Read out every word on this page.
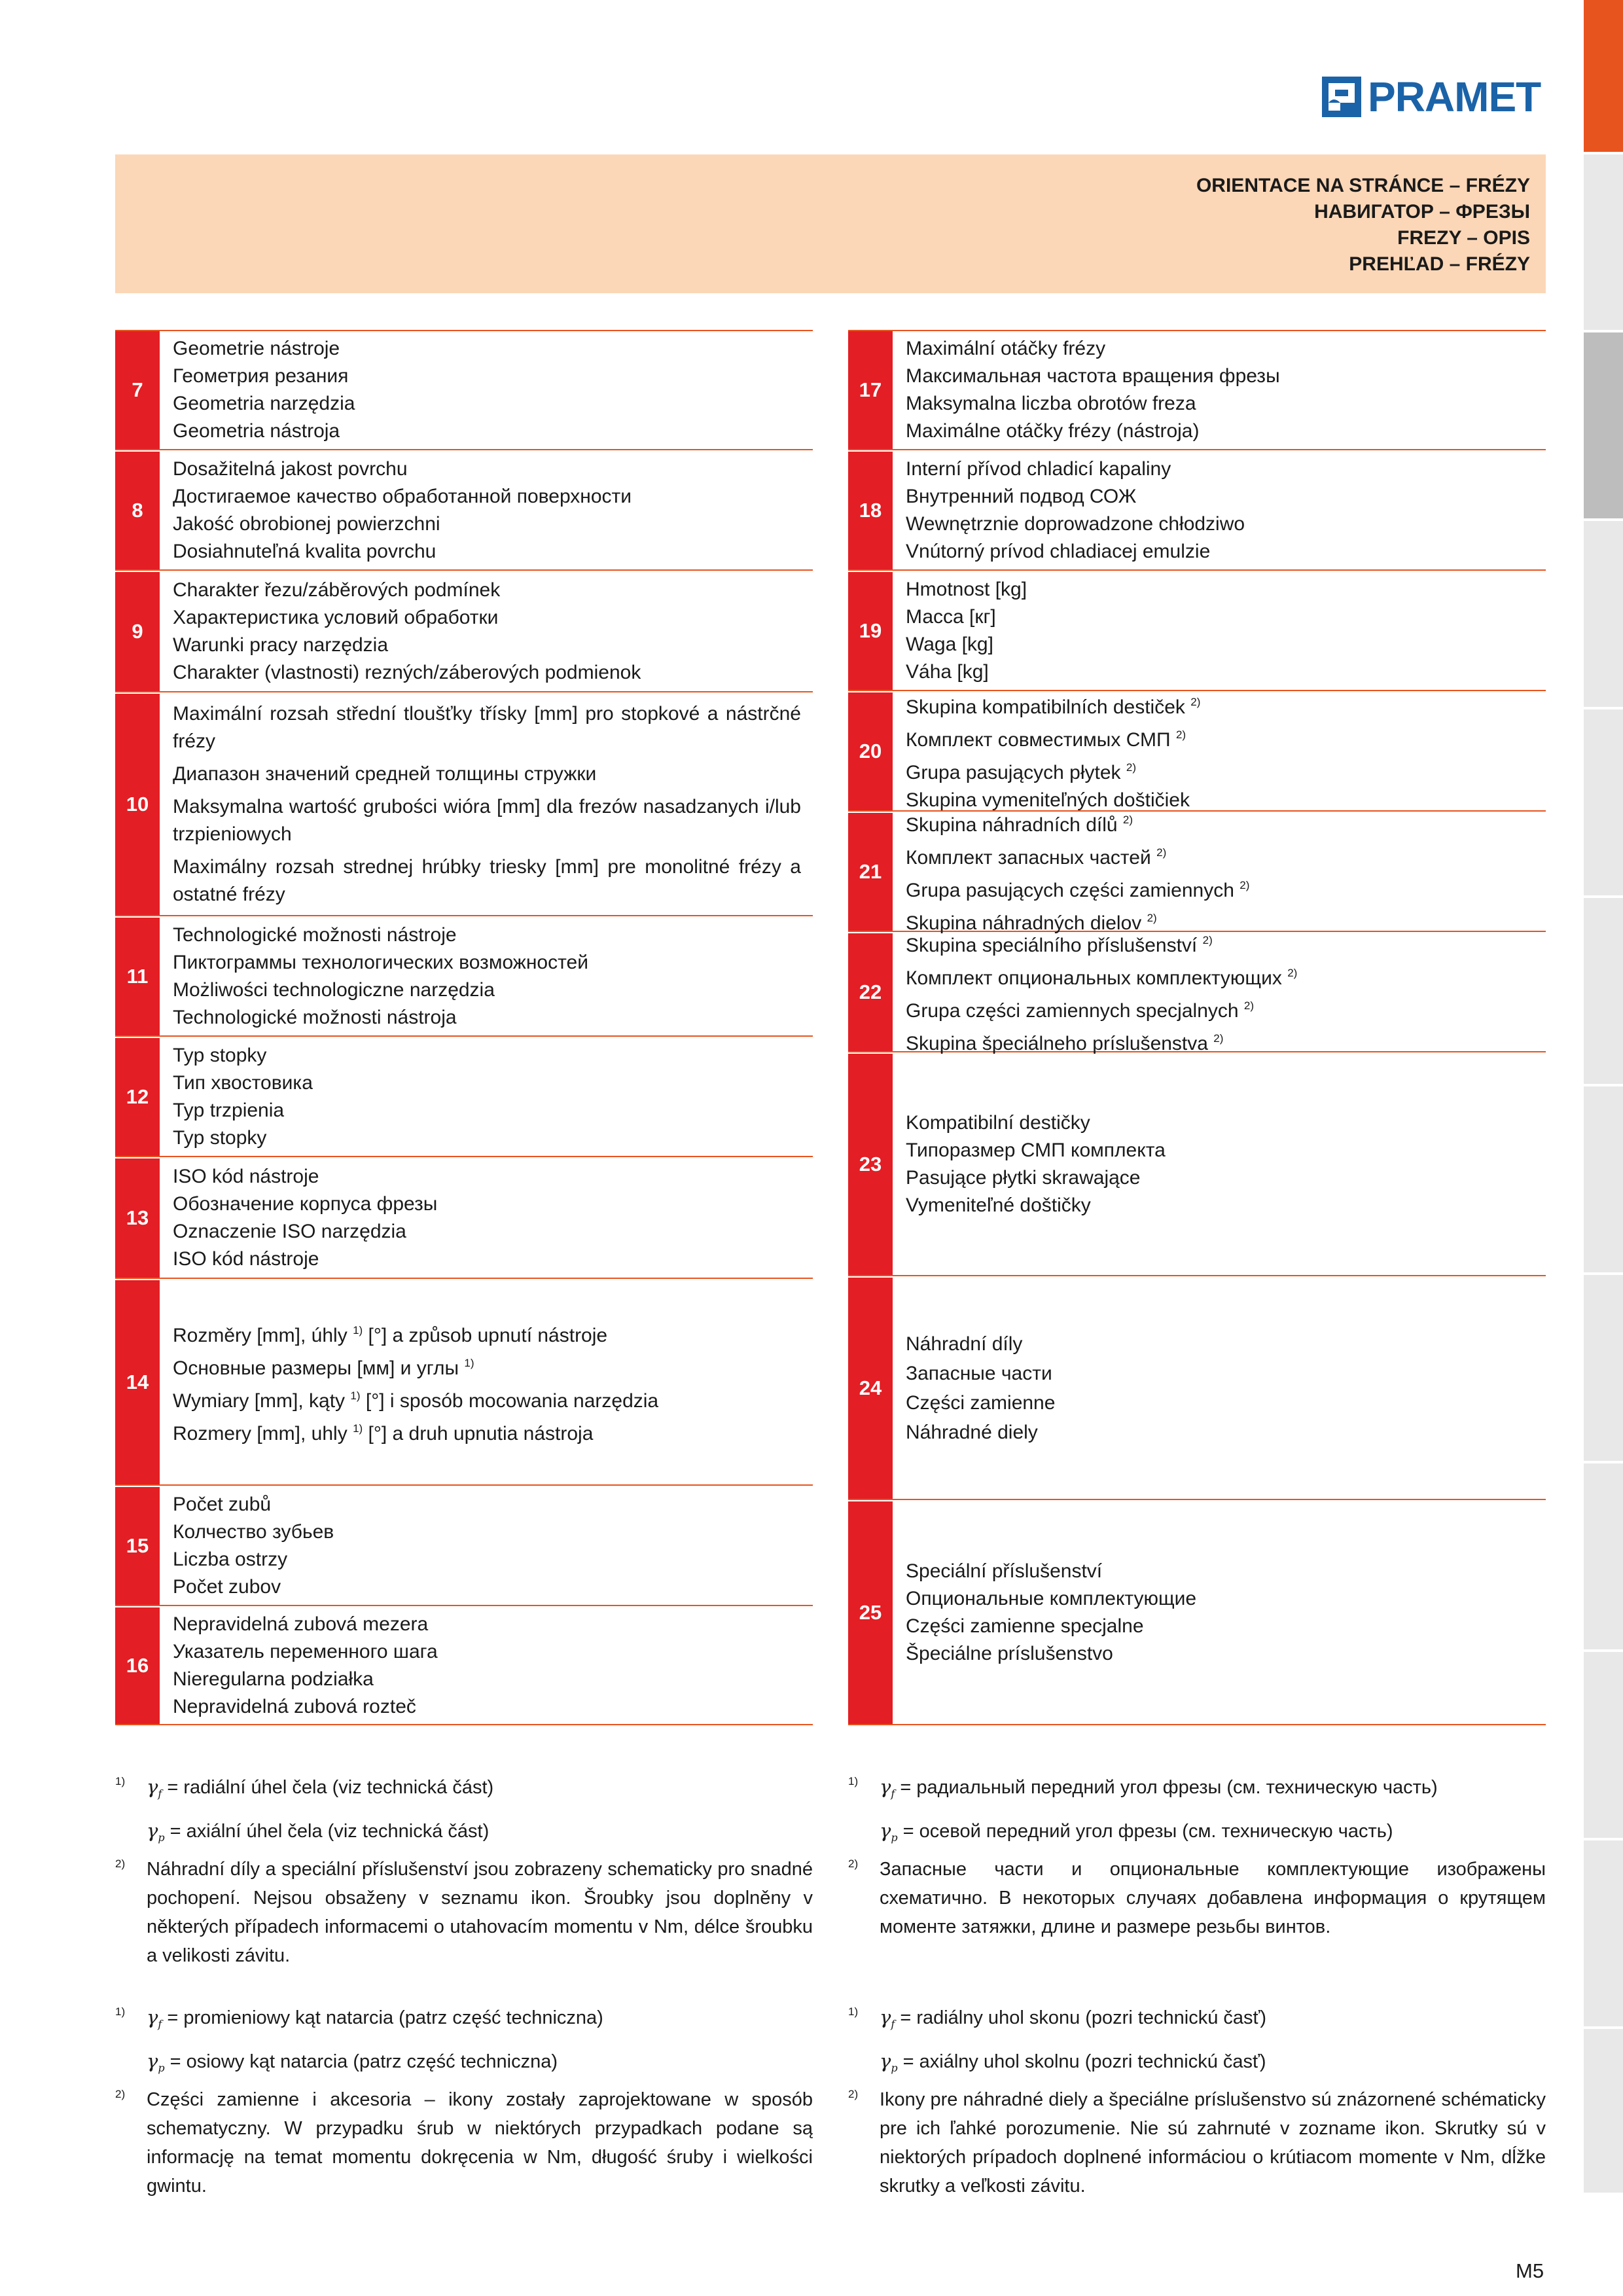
PRAMET
ORIENTACE NA STRÁNCE – FRÉZY
НАВИГАТОР – ФРЕЗЫ
FREZY – OPIS
PREHĽAD – FRÉZY
7
Geometrie nástroje
Геометрия резания
Geometria narzędzia
Geometria nástroja
8
Dosažitelná jakost povrchu
Достигаемое качество обработанной поверхности
Jakość obrobionej powierzchni
Dosiahnuteľná kvalita povrchu
9
Charakter řezu/záběrových podmínek
Характеристика условий обработки
Warunki pracy narzędzia
Charakter (vlastnosti) rezných/záberových podmienok
10
Maximální rozsah střední tloušťky třísky [mm] pro stopkové a nástrčné frézy
Диапазон значений средней толщины стружки
Maksymalna wartość grubości wióra [mm] dla frezów nasadzanych i/lub trzpieniowych
Maximálny rozsah strednej hrúbky triesky [mm] pre monolitné frézy a ostatné frézy
11
Technologické možnosti nástroje
Пиктограммы технологических возможностей
Możliwości technologiczne narzędzia
Technologické možnosti nástroja
12
Typ stopky
Тип хвостовика
Typ trzpienia
Typ stopky
13
ISO kód nástroje
Обозначение корпуса фрезы
Oznaczenie ISO narzędzia
ISO kód nástroje
14
Rozměry [mm], úhly $^{1)}$ [°] a způsob upnutí nástroje
Основные размеры [мм] и углы $^{1)}$
Wymiary [mm], kąty $^{1)}$ [°] i sposób mocowania narzędzia
Rozmery [mm], uhly $^{1)}$ [°] a druh upnutia nástroja
15
Počet zubů
Колчество зубьев
Liczba ostrzy
Počet zubov
16
Nepravidelná zubová mezera
Указатель переменного шага
Nieregularna podziałka
Nepravidelná zubová rozteč
17
Maximální otáčky frézy
Максимальная частота вращения фрезы
Maksymalna liczba obrotów freza
Maximálne otáčky frézy (nástroja)
18
Interní přívod chladicí kapaliny
Внутренний подвод СОЖ
Wewnętrznie doprowadzone chłodziwo
Vnútorný prívod chladiacej emulzie
19
Hmotnost [kg]
Масса [кг]
Waga [kg]
Váha [kg]
20
Skupina kompatibilních destiček $^{2)}$
Комплект совместимых СМП $^{2)}$
Grupa pasujących płytek $^{2)}$
Skupina vymeniteľných doštičiek
21
Skupina náhradních dílů $^{2)}$
Комплект запасных частей $^{2)}$
Grupa pasujących części zamiennych $^{2)}$
Skupina náhradných dielov $^{2)}$
22
Skupina speciálního příslušenství $^{2)}$
Комплект опциональных комплектующих $^{2)}$
Grupa części zamiennych specjalnych $^{2)}$
Skupina špeciálneho príslušenstva $^{2)}$
23
Kompatibilní destičky
Типоразмер СМП комплекта
Pasujące płytki skrawające
Vymeniteľné doštičky
24
Náhradní díly
Запасные части
Części zamienne
Náhradné diely
25
Speciální příslušenství
Опциональные комплектующие
Części zamienne specjalne
Špeciálne príslušenstvo
1) $\gamma_f$ = radiální úhel čela (viz technická část)
$\gamma_p$ = axiální úhel čela (viz technická část)
2) Náhradní díly a speciální příslušenství jsou zobrazeny schematicky pro snadné pochopení. Nejsou obsaženy v seznamu ikon. Šroubky jsou doplněny v některých případech informacemi o utahovacím momentu v Nm, délce šroubku a velikosti závitu.
1) $\gamma_f$ = радиальный передний угол фрезы (см. техническую часть)
$\gamma_p$ = осевой передний угол фрезы (см. техническую часть)
2) Запасные части и опциональные комплектующие изображены схематично. В некоторых случаях добавлена информация о крутящем моменте затяжки, длине и размере резьбы винтов.
1) $\gamma_f$ = promieniowy kąt natarcia (patrz część techniczna)
$\gamma_p$ = osiowy kąt natarcia (patrz część techniczna)
2) Części zamienne i akcesoria – ikony zostały zaprojektowane w sposób schematyczny. W przypadku śrub w niektórych przypadkach podane są informację na temat momentu dokręcenia w Nm, długość śruby i wielkości gwintu.
1) $\gamma_f$ = radiálny uhol skonu (pozri technickú časť)
$\gamma_p$ = axiálny uhol skolnu (pozri technickú časť)
2) Ikony pre náhradné diely a špeciálne príslušenstvo sú znázornené schématicky pre ich ľahké porozumenie. Nie sú zahrnuté v zozname ikon. Skrutky sú v niektorých prípadoch doplnené informáciou o krútiacom momente v Nm, dĺžke skrutky a veľkosti závitu.
M5
